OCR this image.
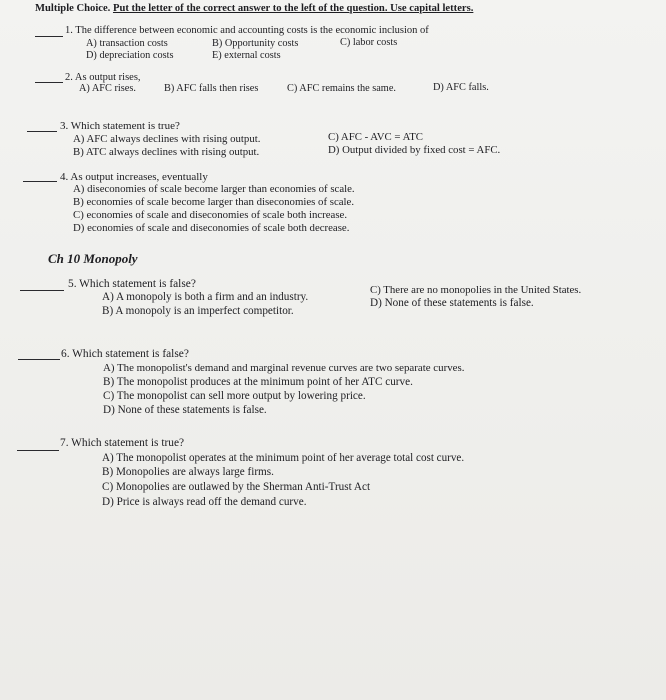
Multiple Choice. Put the letter of the correct answer to the left of the question. Use capital letters.
1. The difference between economic and accounting costs is the economic inclusion of
A) transaction costs	B) Opportunity costs	C) labor costs
D) depreciation costs	E) external costs
2. As output rises,
A) AFC rises.	B) AFC falls then rises	C) AFC remains the same.	D) AFC falls.
3. Which statement is true?
A) AFC always declines with rising output.
B) ATC always declines with rising output.
C) AFC - AVC = ATC
D) Output divided by fixed cost = AFC.
4. As output increases, eventually
A) diseconomies of scale become larger than economies of scale.
B) economies of scale become larger than diseconomies of scale.
C) economies of scale and diseconomies of scale both increase.
D) economies of scale and diseconomies of scale both decrease.
Ch 10 Monopoly
5. Which statement is false?
A) A monopoly is both a firm and an industry.
B) A monopoly is an imperfect competitor.
C) There are no monopolies in the United States.
D) None of these statements is false.
6. Which statement is false?
A) The monopolist's demand and marginal revenue curves are two separate curves.
B) The monopolist produces at the minimum point of her ATC curve.
C) The monopolist can sell more output by lowering price.
D) None of these statements is false.
7. Which statement is true?
A) The monopolist operates at the minimum point of her average total cost curve.
B) Monopolies are always large firms.
C) Monopolies are outlawed by the Sherman Anti-Trust Act
D) Price is always read off the demand curve.
